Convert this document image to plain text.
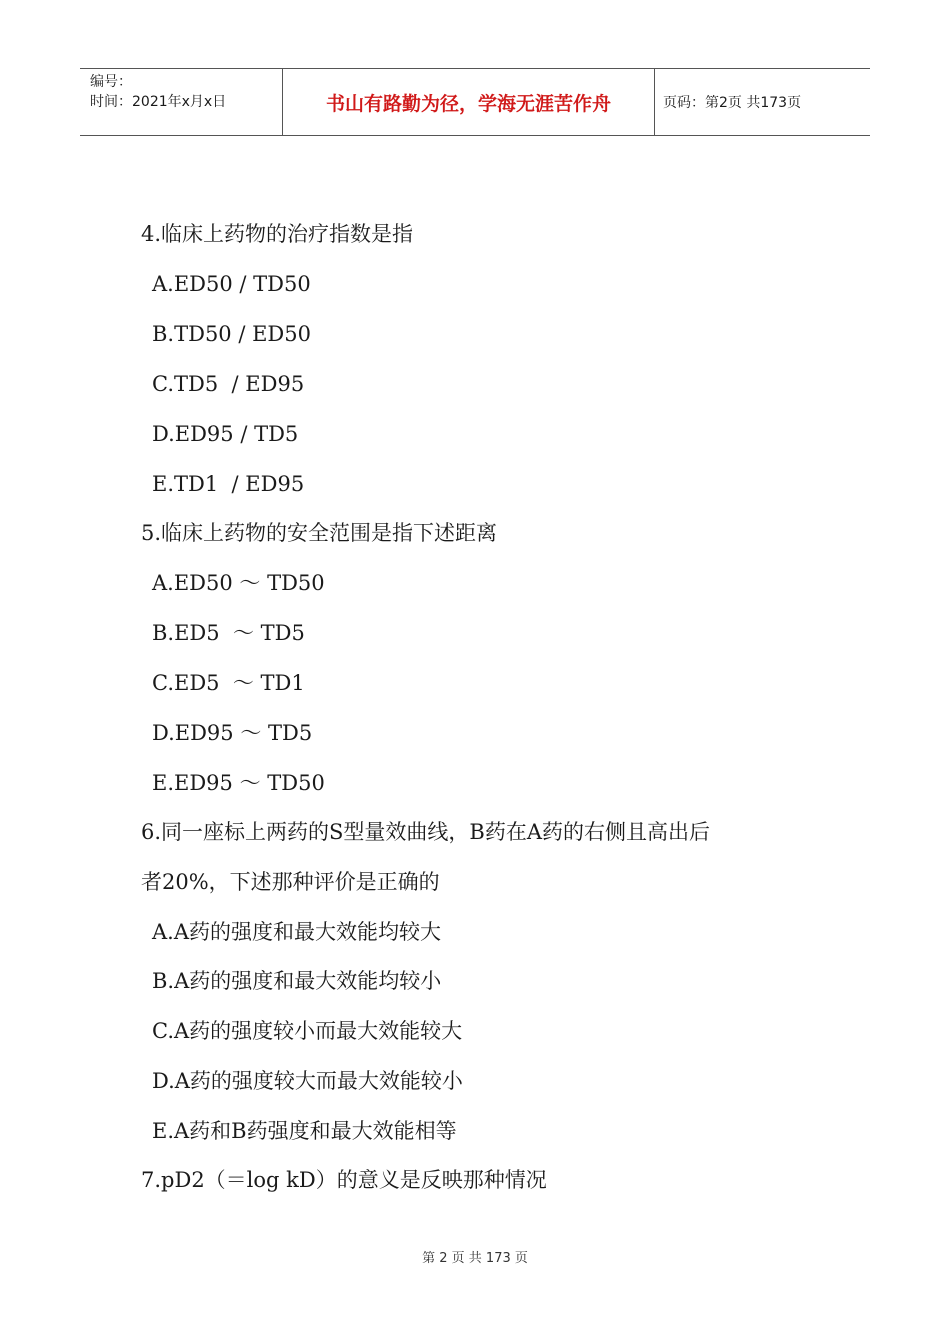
编号：
时间：2021年x月x日	书山有路勤为径，学海无涯苦作舟	页码：第2页 共173页
4.临床上药物的治疗指数是指
A.ED50 / TD50
B.TD50 / ED50
C.TD5  / ED95
D.ED95 / TD5
E.TD1  / ED95
5.临床上药物的安全范围是指下述距离
A.ED50 ～ TD50
B.ED5  ～ TD5
C.ED5  ～ TD1
D.ED95 ～ TD5
E.ED95 ～ TD50
6.同一座标上两药的S型量效曲线，B药在A药的右侧且高出后
者20%，下述那种评价是正确的
A.A药的强度和最大效能均较大
B.A药的强度和最大效能均较小
C.A药的强度较小而最大效能较大
D.A药的强度较大而最大效能较小
E.A药和B药强度和最大效能相等
7.pD2（＝log kD）的意义是反映那种情况
第 2 页 共 173 页
